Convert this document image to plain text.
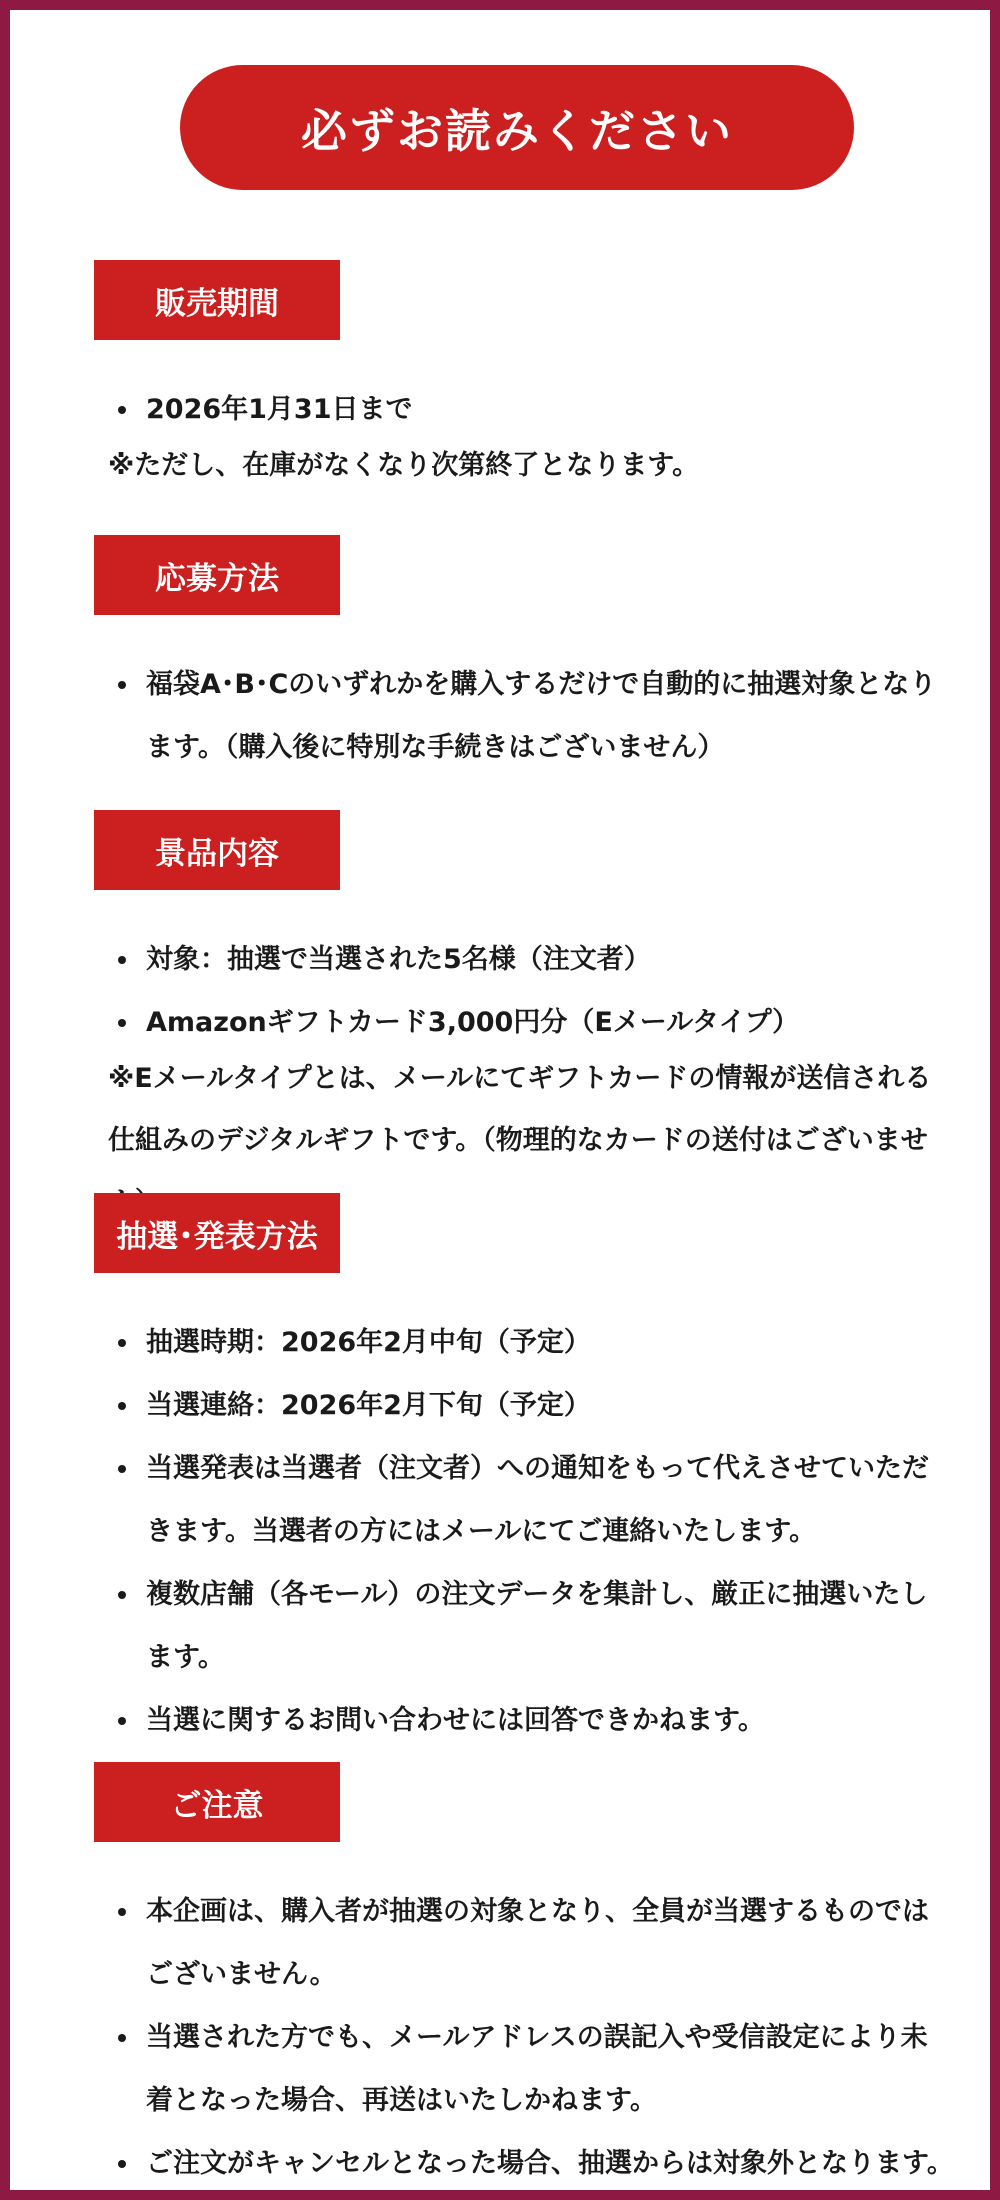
必ずお読みください
販売期間
2026年1月31日まで
※ただし、在庫がなくなり次第終了となります。
応募方法
福袋A･B･Cのいずれかを購入するだけで自動的に抽選対象となります。（購入後に特別な手続きはございません）
景品内容
対象：抽選で当選された5名様（注文者）
Amazonギフトカード3,000円分（Eメールタイプ）
※Eメールタイプとは、メールにてギフトカードの情報が送信される仕組みのデジタルギフトです。（物理的なカードの送付はございませ
抽選･発表方法
抽選時期：2026年2月中旬（予定）
当選連絡：2026年2月下旬（予定）
当選発表は当選者（注文者）への通知をもって代えさせていただきます。当選者の方にはメールにてご連絡いたします。
複数店舗（各モール）の注文データを集計し、厳正に抽選いたします。
当選に関するお問い合わせには回答できかねます。
ご注意
本企画は、購入者が抽選の対象となり、全員が当選するものではございません。
当選された方でも、メールアドレスの誤記入や受信設定により未着となった場合、再送はいたしかねます。
ご注文がキャンセルとなった場合、抽選からは対象外となります。
